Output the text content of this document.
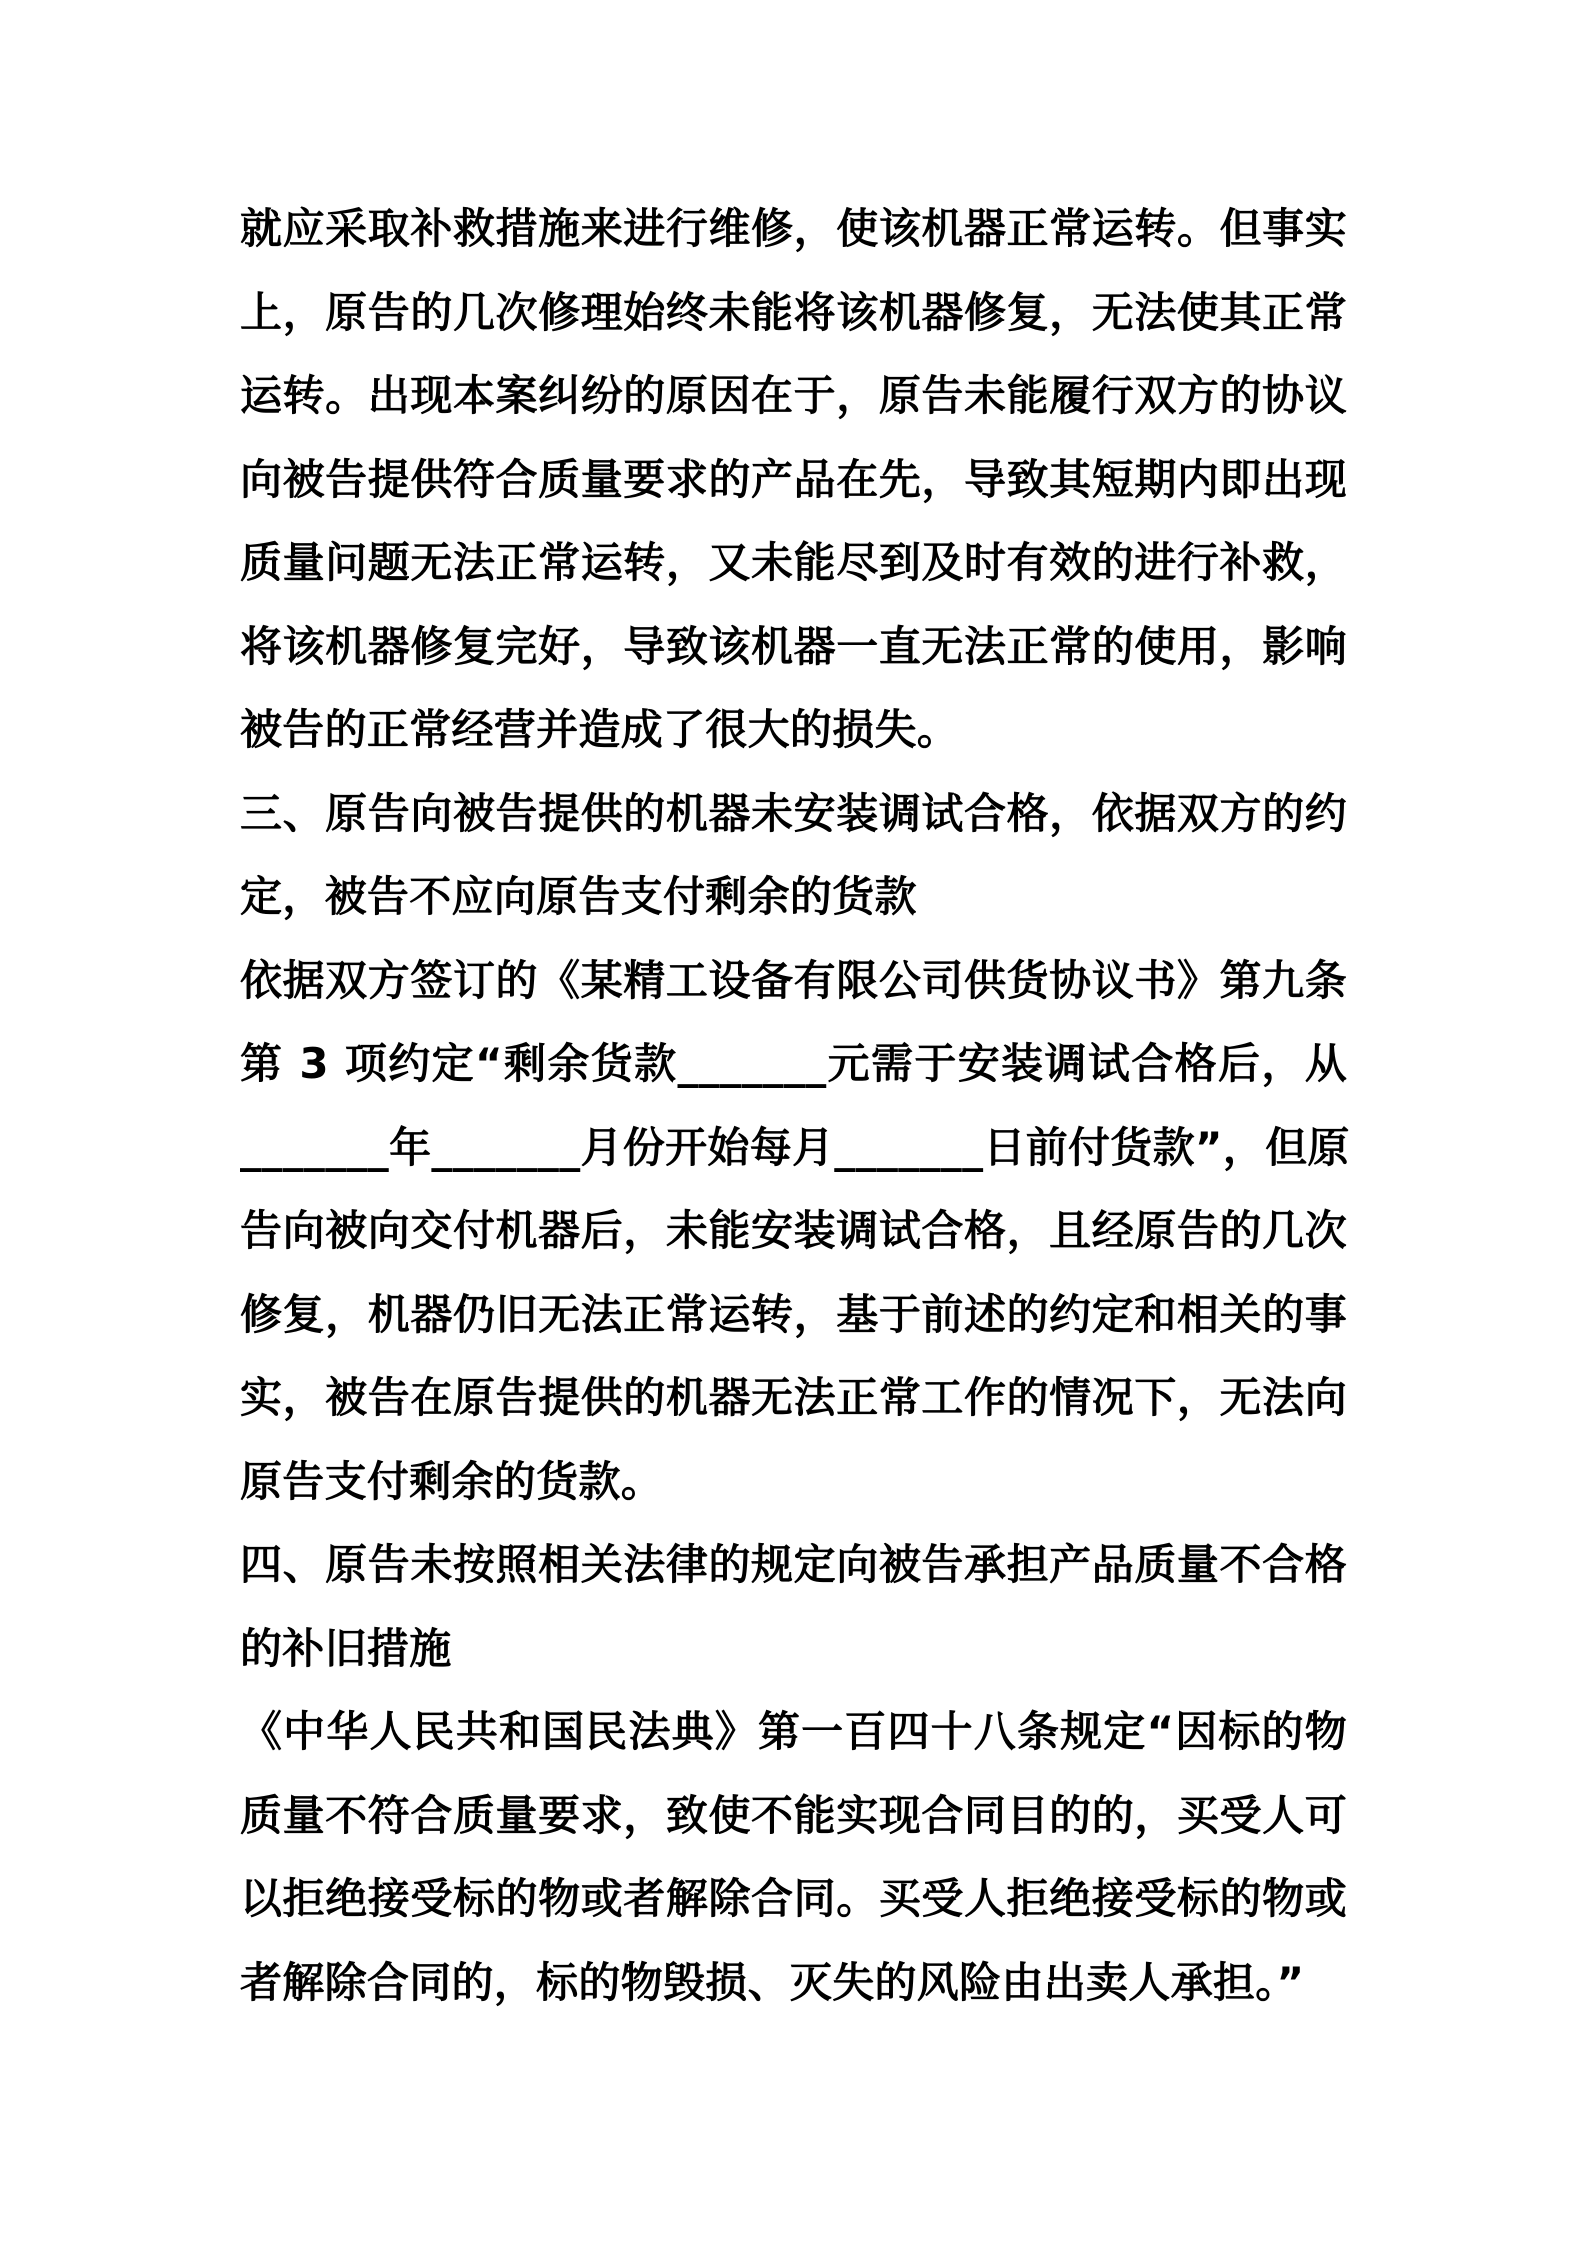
就应采取补救措施来进行维修，使该机器正常运转。但事实
上，原告的几次修理始终未能将该机器修复，无法使其正常
运转。出现本案纠纷的原因在于，原告未能履行双方的协议
向被告提供符合质量要求的产品在先，导致其短期内即出现
质量问题无法正常运转，又未能尽到及时有效的进行补救，
将该机器修复完好，导致该机器一直无法正常的使用，影响
被告的正常经营并造成了很大的损失。
三、原告向被告提供的机器未安装调试合格，依据双方的约
定，被告不应向原告支付剩余的货款
依据双方签订的《某精工设备有限公司供货协议书》第九条
第 3 项约定“剩余货款_______元需于安装调试合格后，从
_______年_______月份开始每月_______日前付货款”，但原
告向被向交付机器后，未能安装调试合格，且经原告的几次
修复，机器仍旧无法正常运转，基于前述的约定和相关的事
实，被告在原告提供的机器无法正常工作的情况下，无法向
原告支付剩余的货款。
四、原告未按照相关法律的规定向被告承担产品质量不合格
的补旧措施
《中华人民共和国民法典》第一百四十八条规定“因标的物
质量不符合质量要求，致使不能实现合同目的的，买受人可
以拒绝接受标的物或者解除合同。买受人拒绝接受标的物或
者解除合同的，标的物毁损、灭失的风险由出卖人承担。”
